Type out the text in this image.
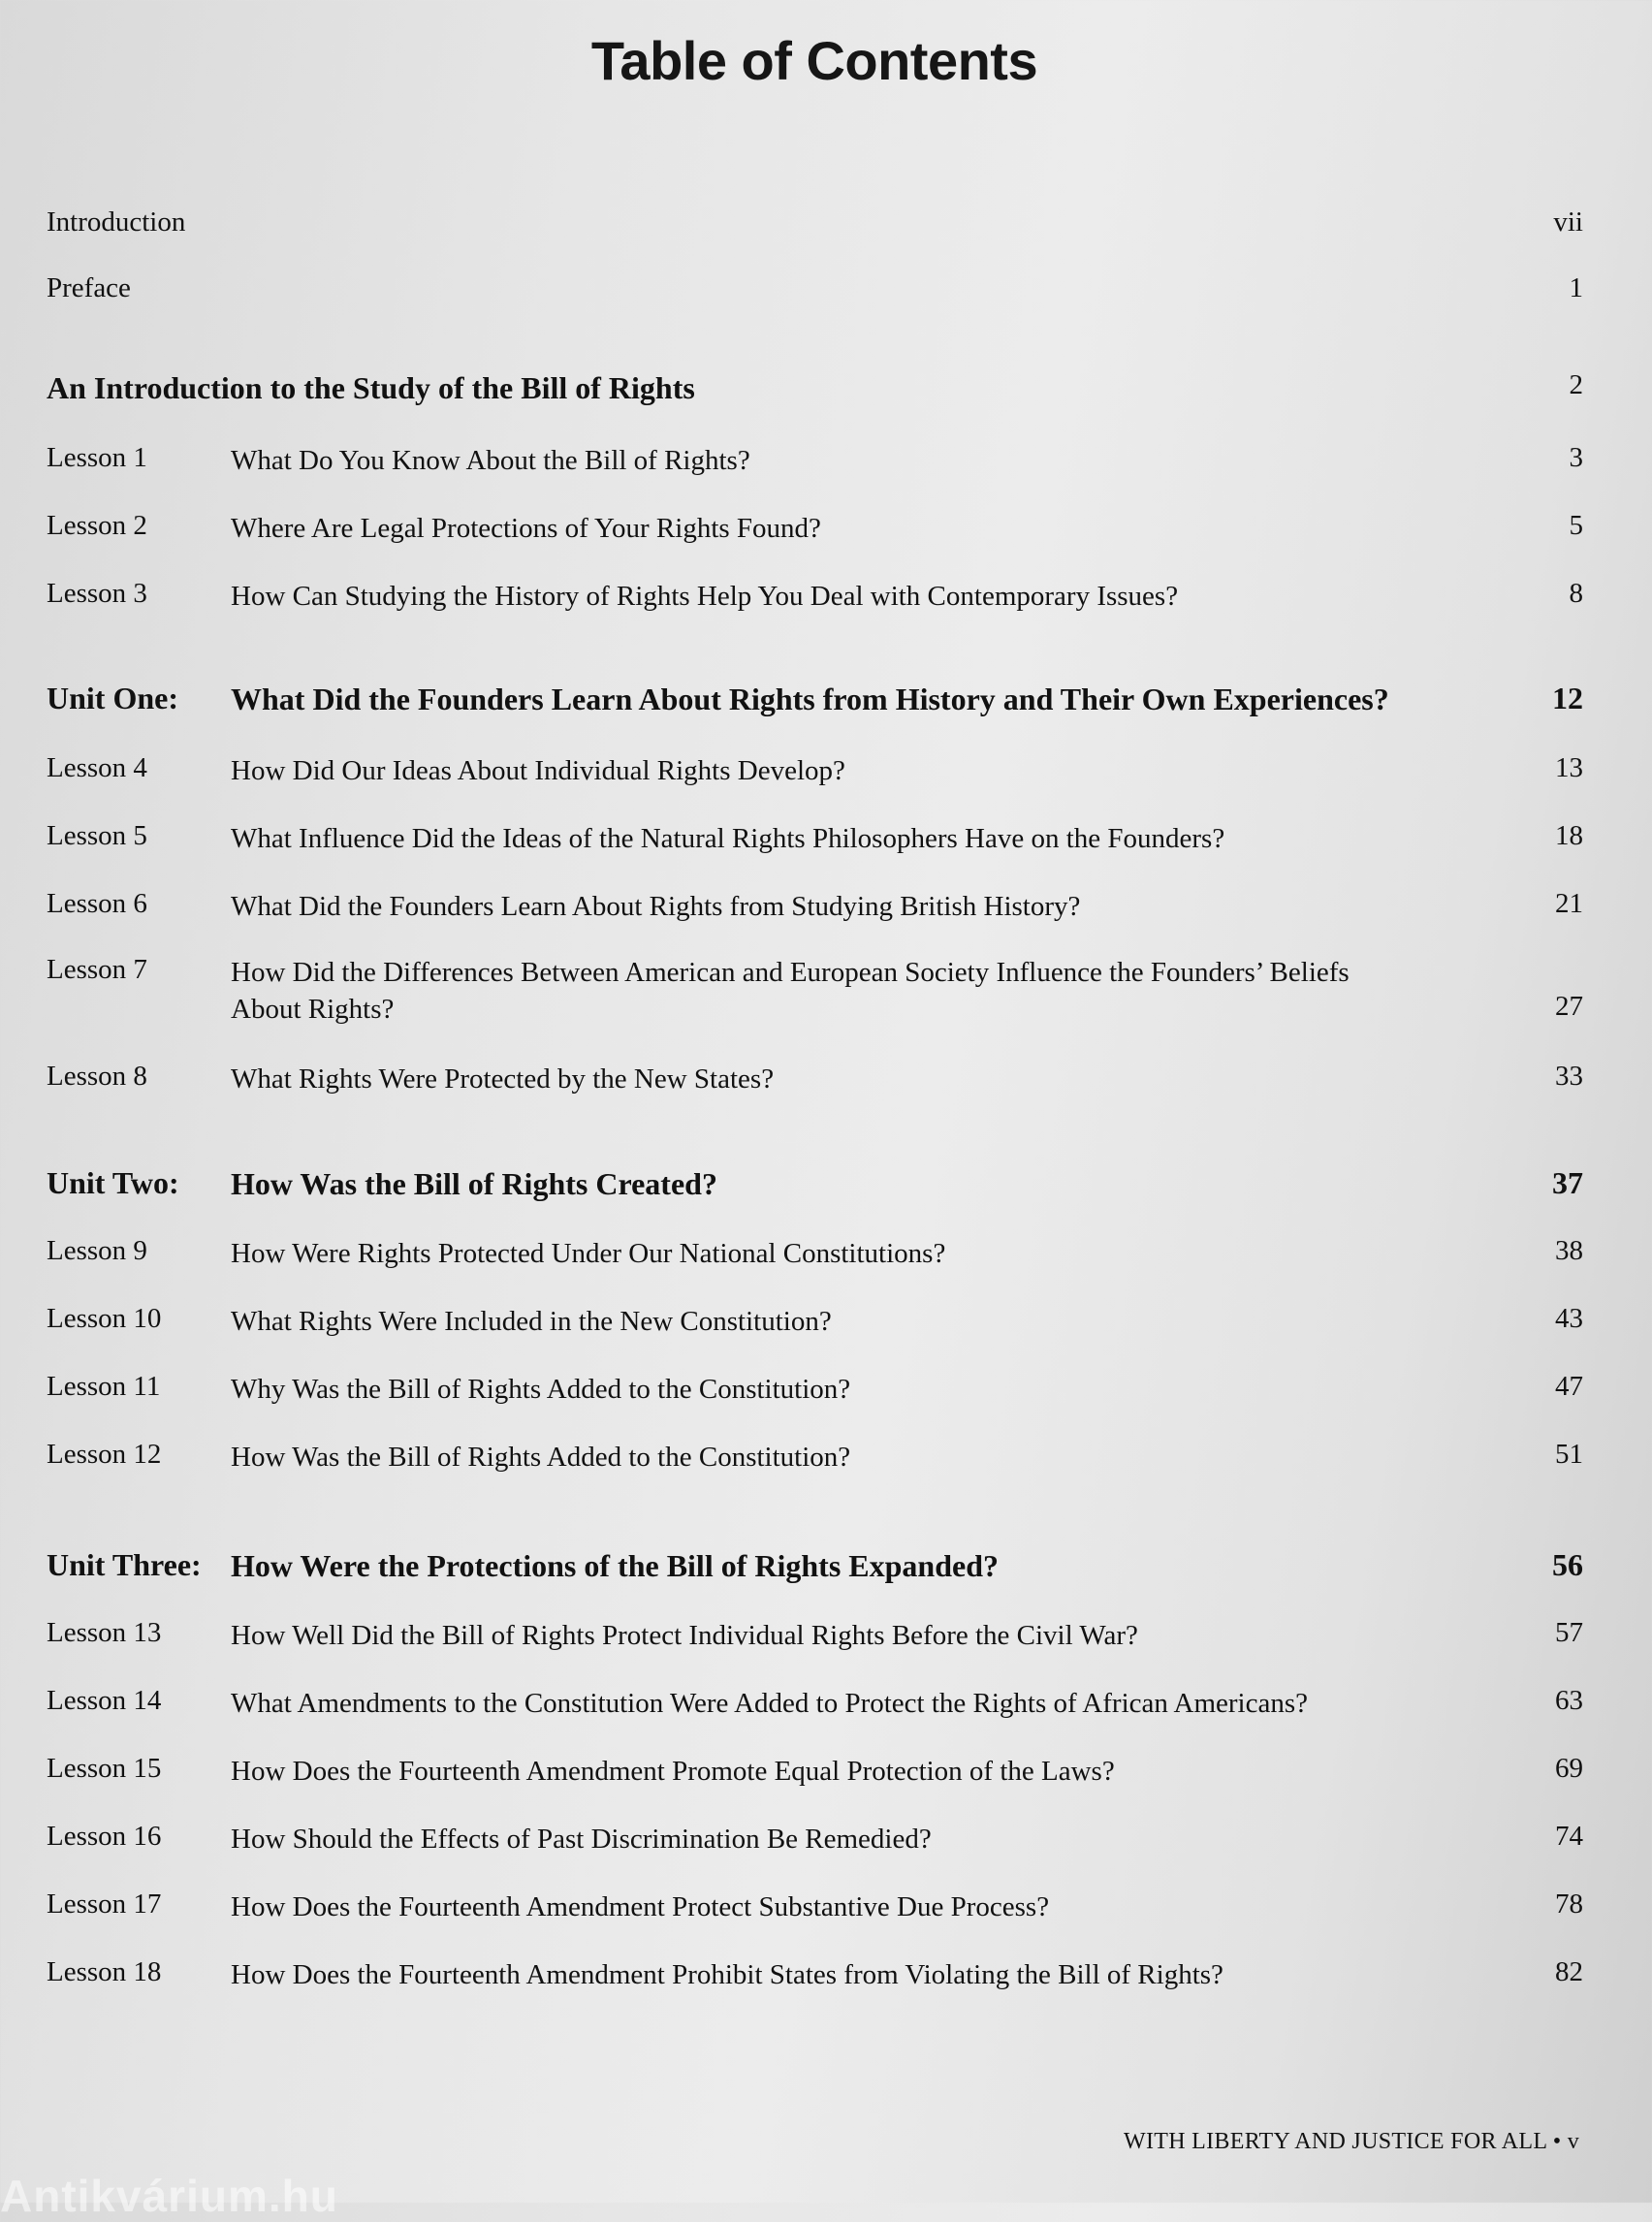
Table of Contents
Introduction	vii
Preface	1
An Introduction to the Study of the Bill of Rights	2
Lesson 1	What Do You Know About the Bill of Rights?	3
Lesson 2	Where Are Legal Protections of Your Rights Found?	5
Lesson 3	How Can Studying the History of Rights Help You Deal with Contemporary Issues?	8
Unit One: What Did the Founders Learn About Rights from History and Their Own Experiences?	12
Lesson 4	How Did Our Ideas About Individual Rights Develop?	13
Lesson 5	What Influence Did the Ideas of the Natural Rights Philosophers Have on the Founders?	18
Lesson 6	What Did the Founders Learn About Rights from Studying British History?	21
Lesson 7	How Did the Differences Between American and European Society Influence the Founders’ Beliefs About Rights?	27
Lesson 8	What Rights Were Protected by the New States?	33
Unit Two: How Was the Bill of Rights Created?	37
Lesson 9	How Were Rights Protected Under Our National Constitutions?	38
Lesson 10 What Rights Were Included in the New Constitution?	43
Lesson 11	Why Was the Bill of Rights Added to the Constitution?	47
Lesson 12 How Was the Bill of Rights Added to the Constitution?	51
Unit Three: How Were the Protections of the Bill of Rights Expanded?	56
Lesson 13 How Well Did the Bill of Rights Protect Individual Rights Before the Civil War?	57
Lesson 14 What Amendments to the Constitution Were Added to Protect the Rights of African Americans?	63
Lesson 15 How Does the Fourteenth Amendment Promote Equal Protection of the Laws?	69
Lesson 16 How Should the Effects of Past Discrimination Be Remedied?	74
Lesson 17 How Does the Fourteenth Amendment Protect Substantive Due Process?	78
Lesson 18 How Does the Fourteenth Amendment Prohibit States from Violating the Bill of Rights?	82
WITH LIBERTY AND JUSTICE FOR ALL • v
Antikvárium.hu
